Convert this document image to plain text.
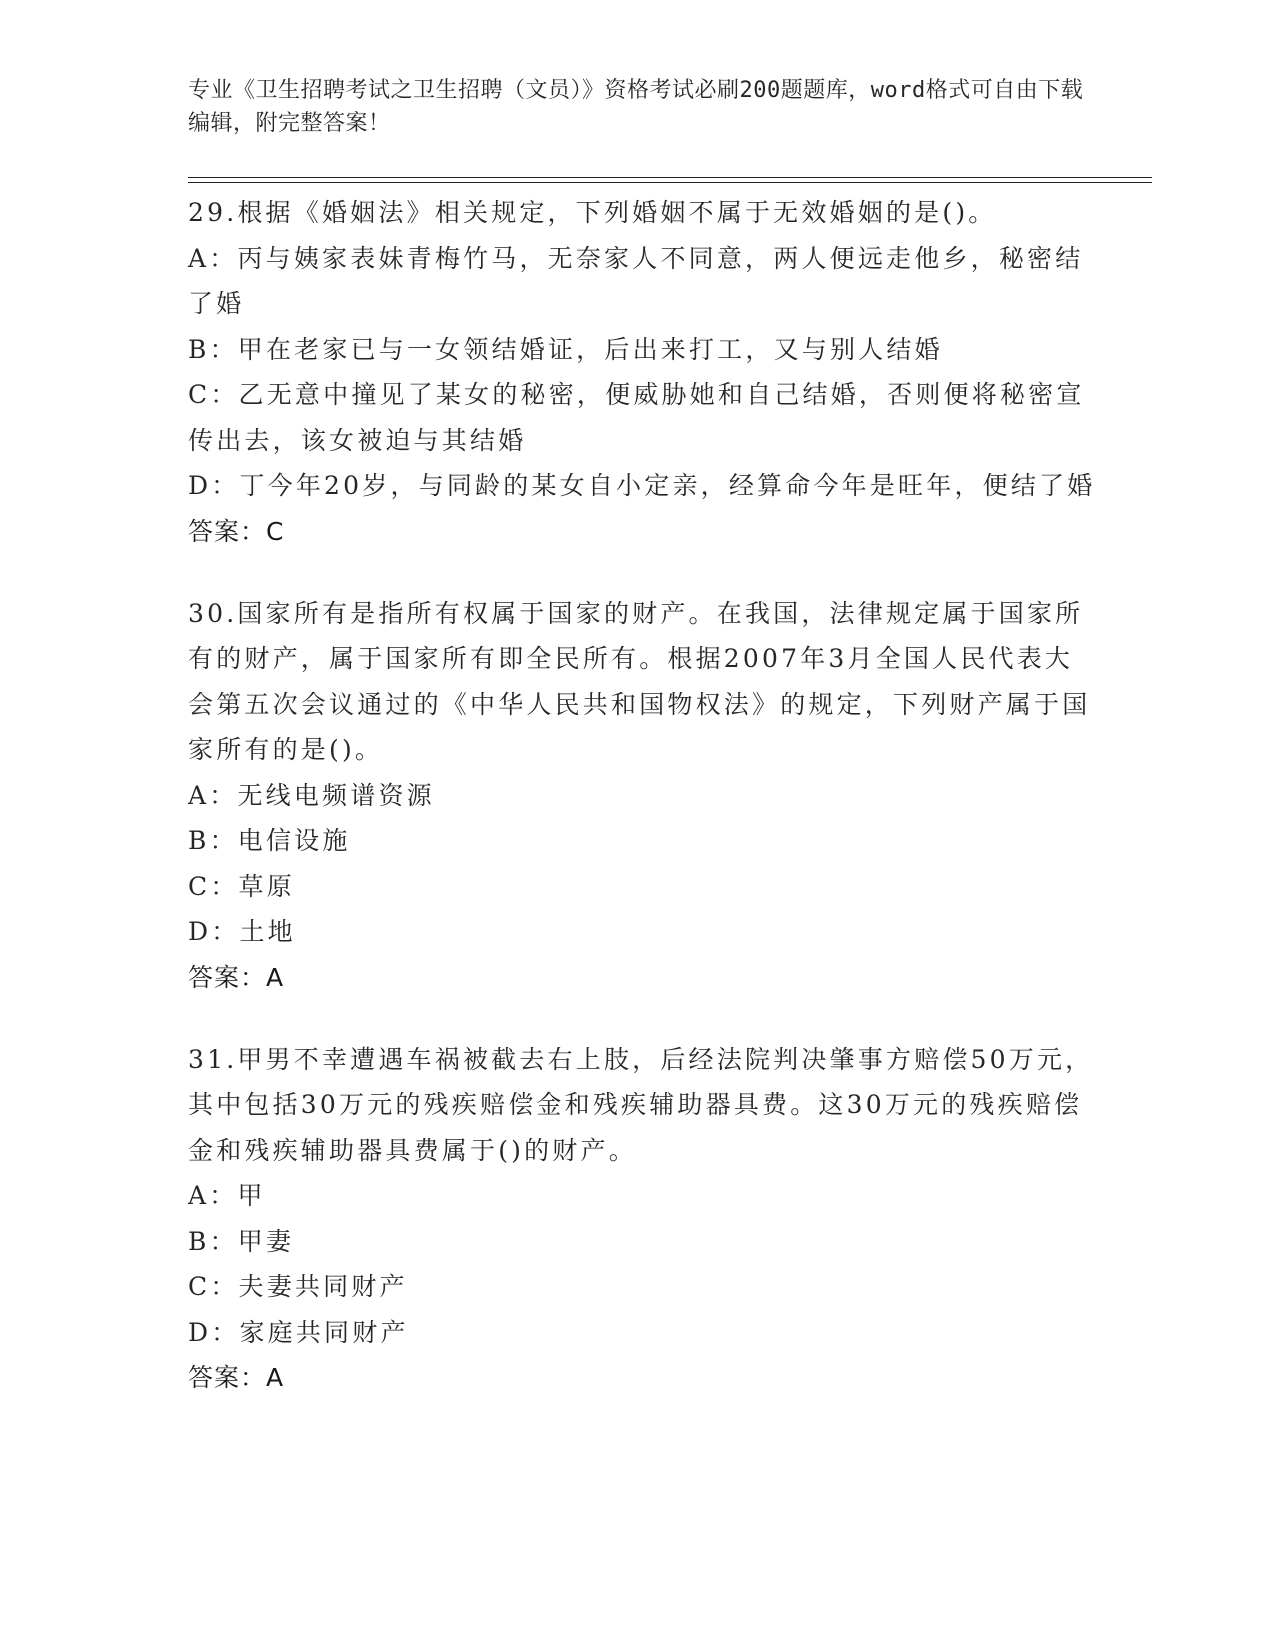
专业《卫生招聘考试之卫生招聘（文员）》资格考试必刷200题题库，word格式可自由下载编辑，附完整答案！
29.根据《婚姻法》相关规定，下列婚姻不属于无效婚姻的是()。
A：丙与姨家表妹青梅竹马，无奈家人不同意，两人便远走他乡，秘密结了婚
B：甲在老家已与一女领结婚证，后出来打工，又与别人结婚
C：乙无意中撞见了某女的秘密，便威胁她和自己结婚，否则便将秘密宣传出去，该女被迫与其结婚
D：丁今年20岁，与同龄的某女自小定亲，经算命今年是旺年，便结了婚
答案：C
30.国家所有是指所有权属于国家的财产。在我国，法律规定属于国家所有的财产，属于国家所有即全民所有。根据2007年3月全国人民代表大会第五次会议通过的《中华人民共和国物权法》的规定，下列财产属于国家所有的是()。
A：无线电频谱资源
B：电信设施
C：草原
D：土地
答案：A
31.甲男不幸遭遇车祸被截去右上肢，后经法院判决肇事方赔偿50万元，其中包括30万元的残疾赔偿金和残疾辅助器具费。这30万元的残疾赔偿金和残疾辅助器具费属于()的财产。
A：甲
B：甲妻
C：夫妻共同财产
D：家庭共同财产
答案：A
